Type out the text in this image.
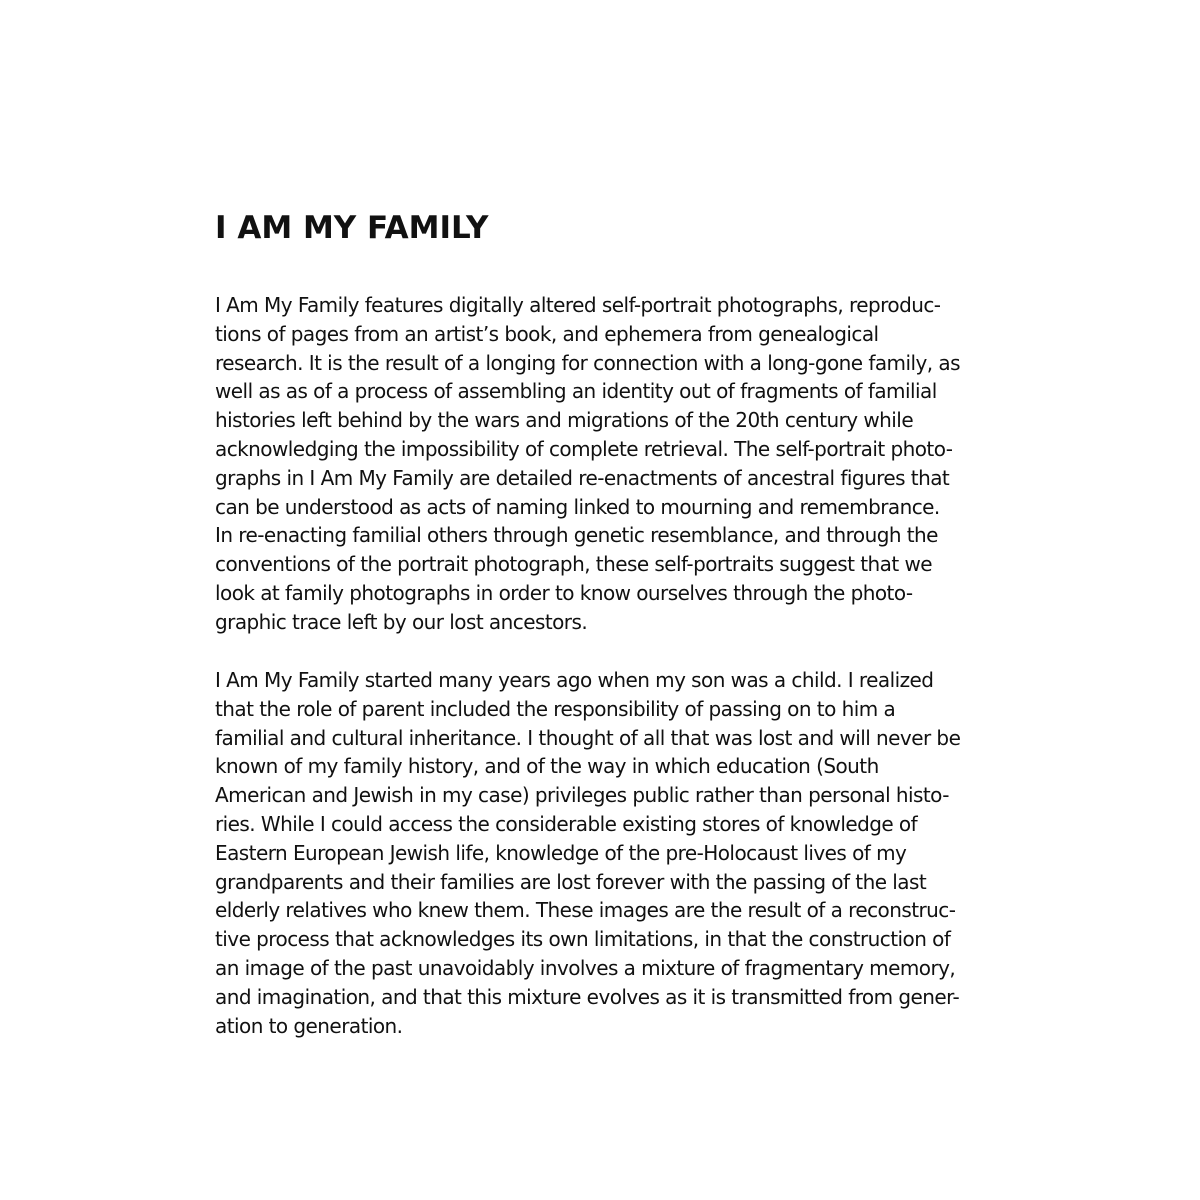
I AM MY FAMILY
I Am My Family features digitally altered self-portrait photographs, reproduc-
tions of pages from an artist’s book, and ephemera from genealogical
research. It is the result of a longing for connection with a long-gone family, as
well as as of a process of assembling an identity out of fragments of familial
histories left behind by the wars and migrations of the 20th century while
acknowledging the impossibility of complete retrieval. The self-portrait photo-
graphs in I Am My Family are detailed re-enactments of ancestral figures that
can be understood as acts of naming linked to mourning and remembrance.
In re-enacting familial others through genetic resemblance, and through the
conventions of the portrait photograph, these self-portraits suggest that we
look at family photographs in order to know ourselves through the photo-
graphic trace left by our lost ancestors.
I Am My Family started many years ago when my son was a child. I realized
that the role of parent included the responsibility of passing on to him a
familial and cultural inheritance. I thought of all that was lost and will never be
known of my family history, and of the way in which education (South
American and Jewish in my case) privileges public rather than personal histo-
ries. While I could access the considerable existing stores of knowledge of
Eastern European Jewish life, knowledge of the pre-Holocaust lives of my
grandparents and their families are lost forever with the passing of the last
elderly relatives who knew them. These images are the result of a reconstruc-
tive process that acknowledges its own limitations, in that the construction of
an image of the past unavoidably involves a mixture of fragmentary memory,
and imagination, and that this mixture evolves as it is transmitted from gener-
ation to generation.
